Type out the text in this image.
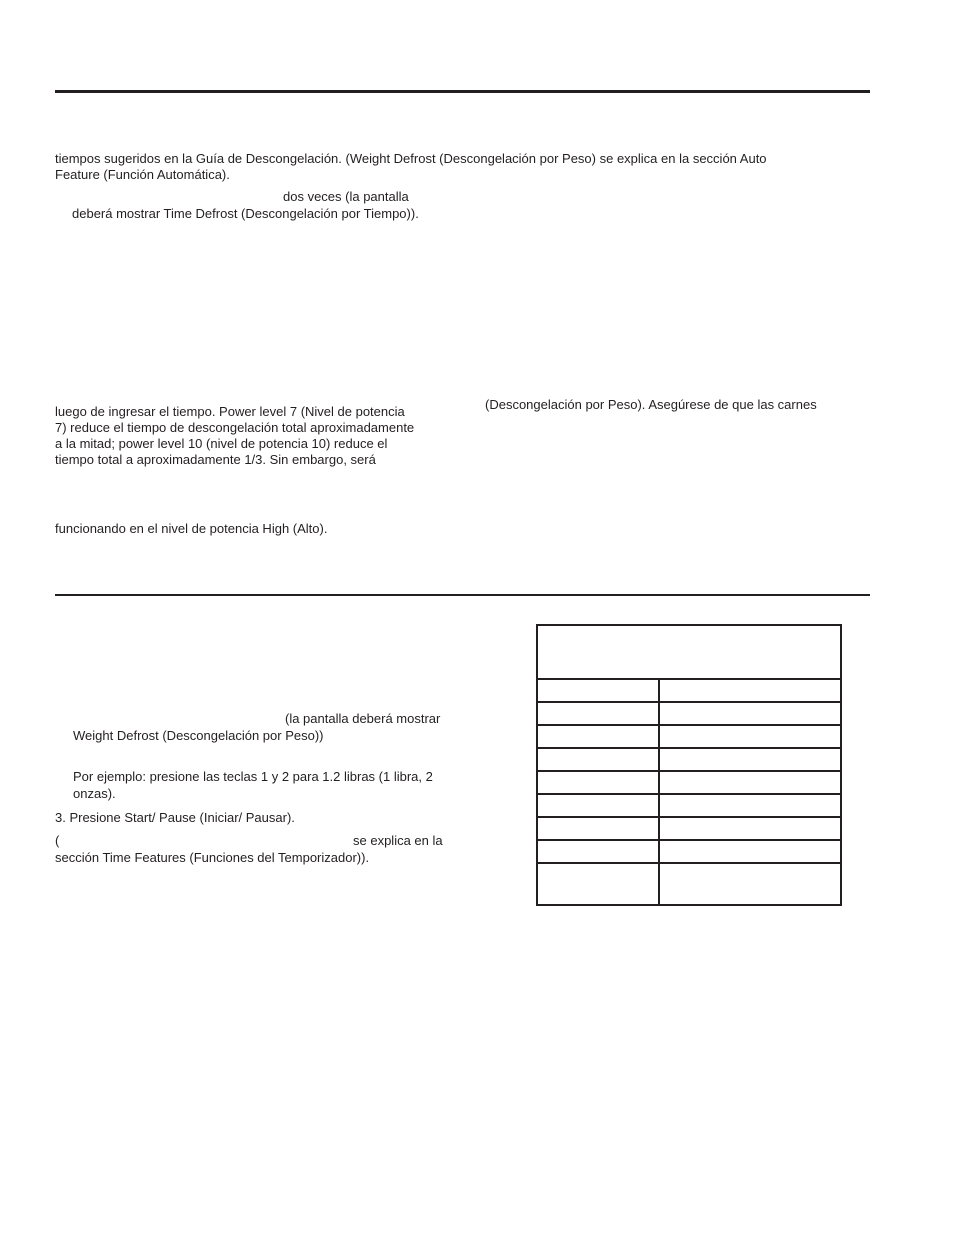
tiempos sugeridos en la Guía de Descongelación. (Weight Defrost (Descongelación por Peso) se explica en la sección Auto
Feature (Función Automática).
dos veces (la pantalla
deberá mostrar Time Defrost (Descongelación por Tiempo)).
luego de ingresar el tiempo. Power level 7 (Nivel de potencia
7) reduce el tiempo de descongelación total aproximadamente
a la mitad; power level 10 (nivel de potencia 10) reduce el
tiempo total a aproximadamente 1/3. Sin embargo, será
funcionando en el nivel de potencia High (Alto).
(Descongelación por Peso). Asegúrese de que las carnes
(la pantalla deberá mostrar
Weight Defrost (Descongelación por Peso))
Por ejemplo: presione las teclas 1 y 2 para 1.2 libras (1 libra, 2
onzas).
3. Presione Start/ Pause (Iniciar/ Pausar).
(	se explica en la
sección Time Features (Funciones del Temporizador)).
